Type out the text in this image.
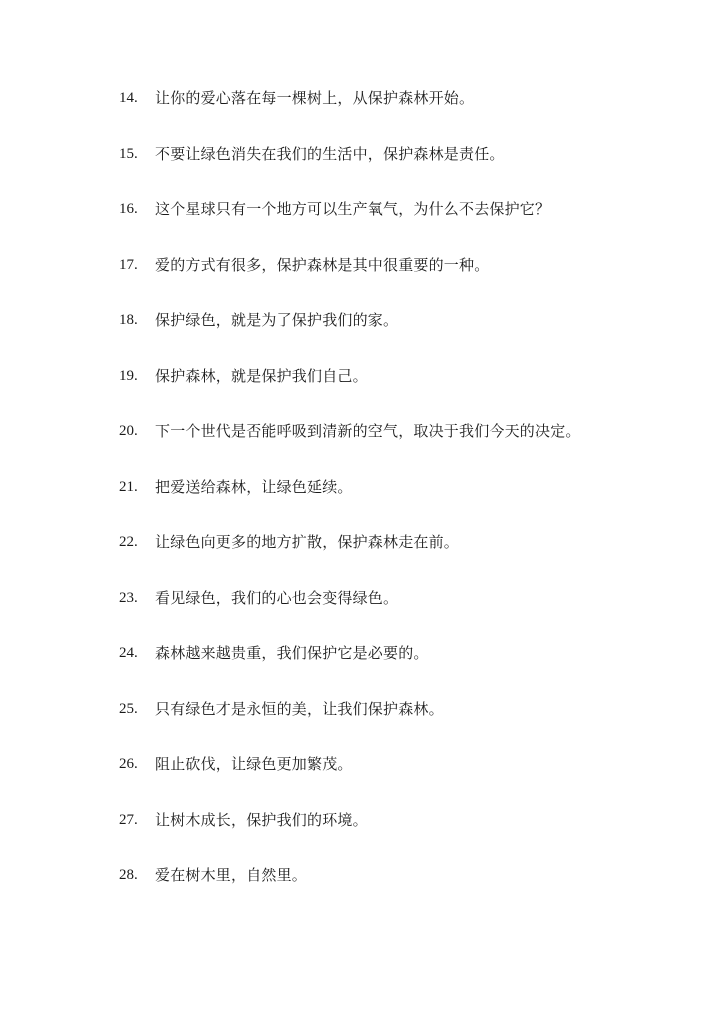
14.	让你的爱心落在每一棵树上，从保护森林开始。
15.	不要让绿色消失在我们的生活中，保护森林是责任。
16.	这个星球只有一个地方可以生产氧气，为什么不去保护它？
17.	爱的方式有很多，保护森林是其中很重要的一种。
18.	保护绿色，就是为了保护我们的家。
19.	保护森林，就是保护我们自己。
20.	下一个世代是否能呼吸到清新的空气，取决于我们今天的决定。
21.	把爱送给森林，让绿色延续。
22.	让绿色向更多的地方扩散，保护森林走在前。
23.	看见绿色，我们的心也会变得绿色。
24.	森林越来越贵重，我们保护它是必要的。
25.	只有绿色才是永恒的美，让我们保护森林。
26.	阻止砍伐，让绿色更加繁茂。
27.	让树木成长，保护我们的环境。
28.	爱在树木里，自然里。
